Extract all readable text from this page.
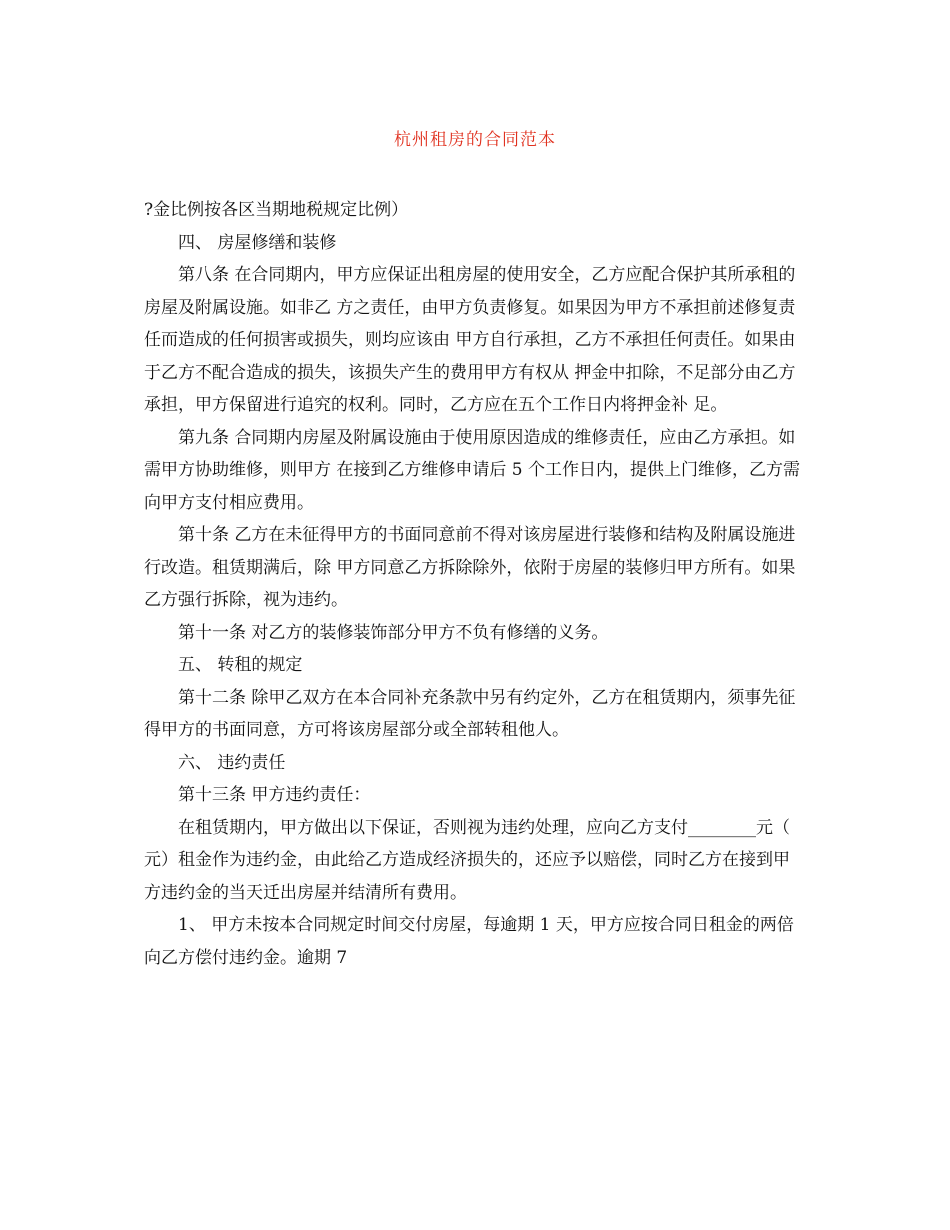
杭州租房的合同范本

?金比例按各区当期地税规定比例）

四、 房屋修缮和装修

第八条 在合同期内，甲方应保证出租房屋的使用安全，乙方应配合保护其所承租的房屋及附属设施。如非乙 方之责任，由甲方负责修复。如果因为甲方不承担前述修复责任而造成的任何损害或损失，则均应该由 甲方自行承担，乙方不承担任何责任。如果由于乙方不配合造成的损失，该损失产生的费用甲方有权从 押金中扣除，不足部分由乙方承担，甲方保留进行追究的权利。同时，乙方应在五个工作日内将押金补 足。

第九条 合同期内房屋及附属设施由于使用原因造成的维修责任，应由乙方承担。如需甲方协助维修，则甲方 在接到乙方维修申请后 5 个工作日内，提供上门维修，乙方需向甲方支付相应费用。

第十条 乙方在未征得甲方的书面同意前不得对该房屋进行装修和结构及附属设施进行改造。租赁期满后，除 甲方同意乙方拆除除外，依附于房屋的装修归甲方所有。如果乙方强行拆除，视为违约。

第十一条 对乙方的装修装饰部分甲方不负有修缮的义务。

五、 转租的规定

第十二条 除甲乙双方在本合同补充条款中另有约定外，乙方在租赁期内，须事先征得甲方的书面同意，方可将该房屋部分或全部转租他人。

六、 违约责任

第十三条 甲方违约责任：

在租赁期内，甲方做出以下保证，否则视为违约处理，应向乙方支付________元（ 元）租金作为违约金，由此给乙方造成经济损失的，还应予以赔偿，同时乙方在接到甲方违约金的当天迁出房屋并结清所有费用。

1、 甲方未按本合同规定时间交付房屋，每逾期 1 天，甲方应按合同日租金的两倍向乙方偿付违约金。逾期 7
